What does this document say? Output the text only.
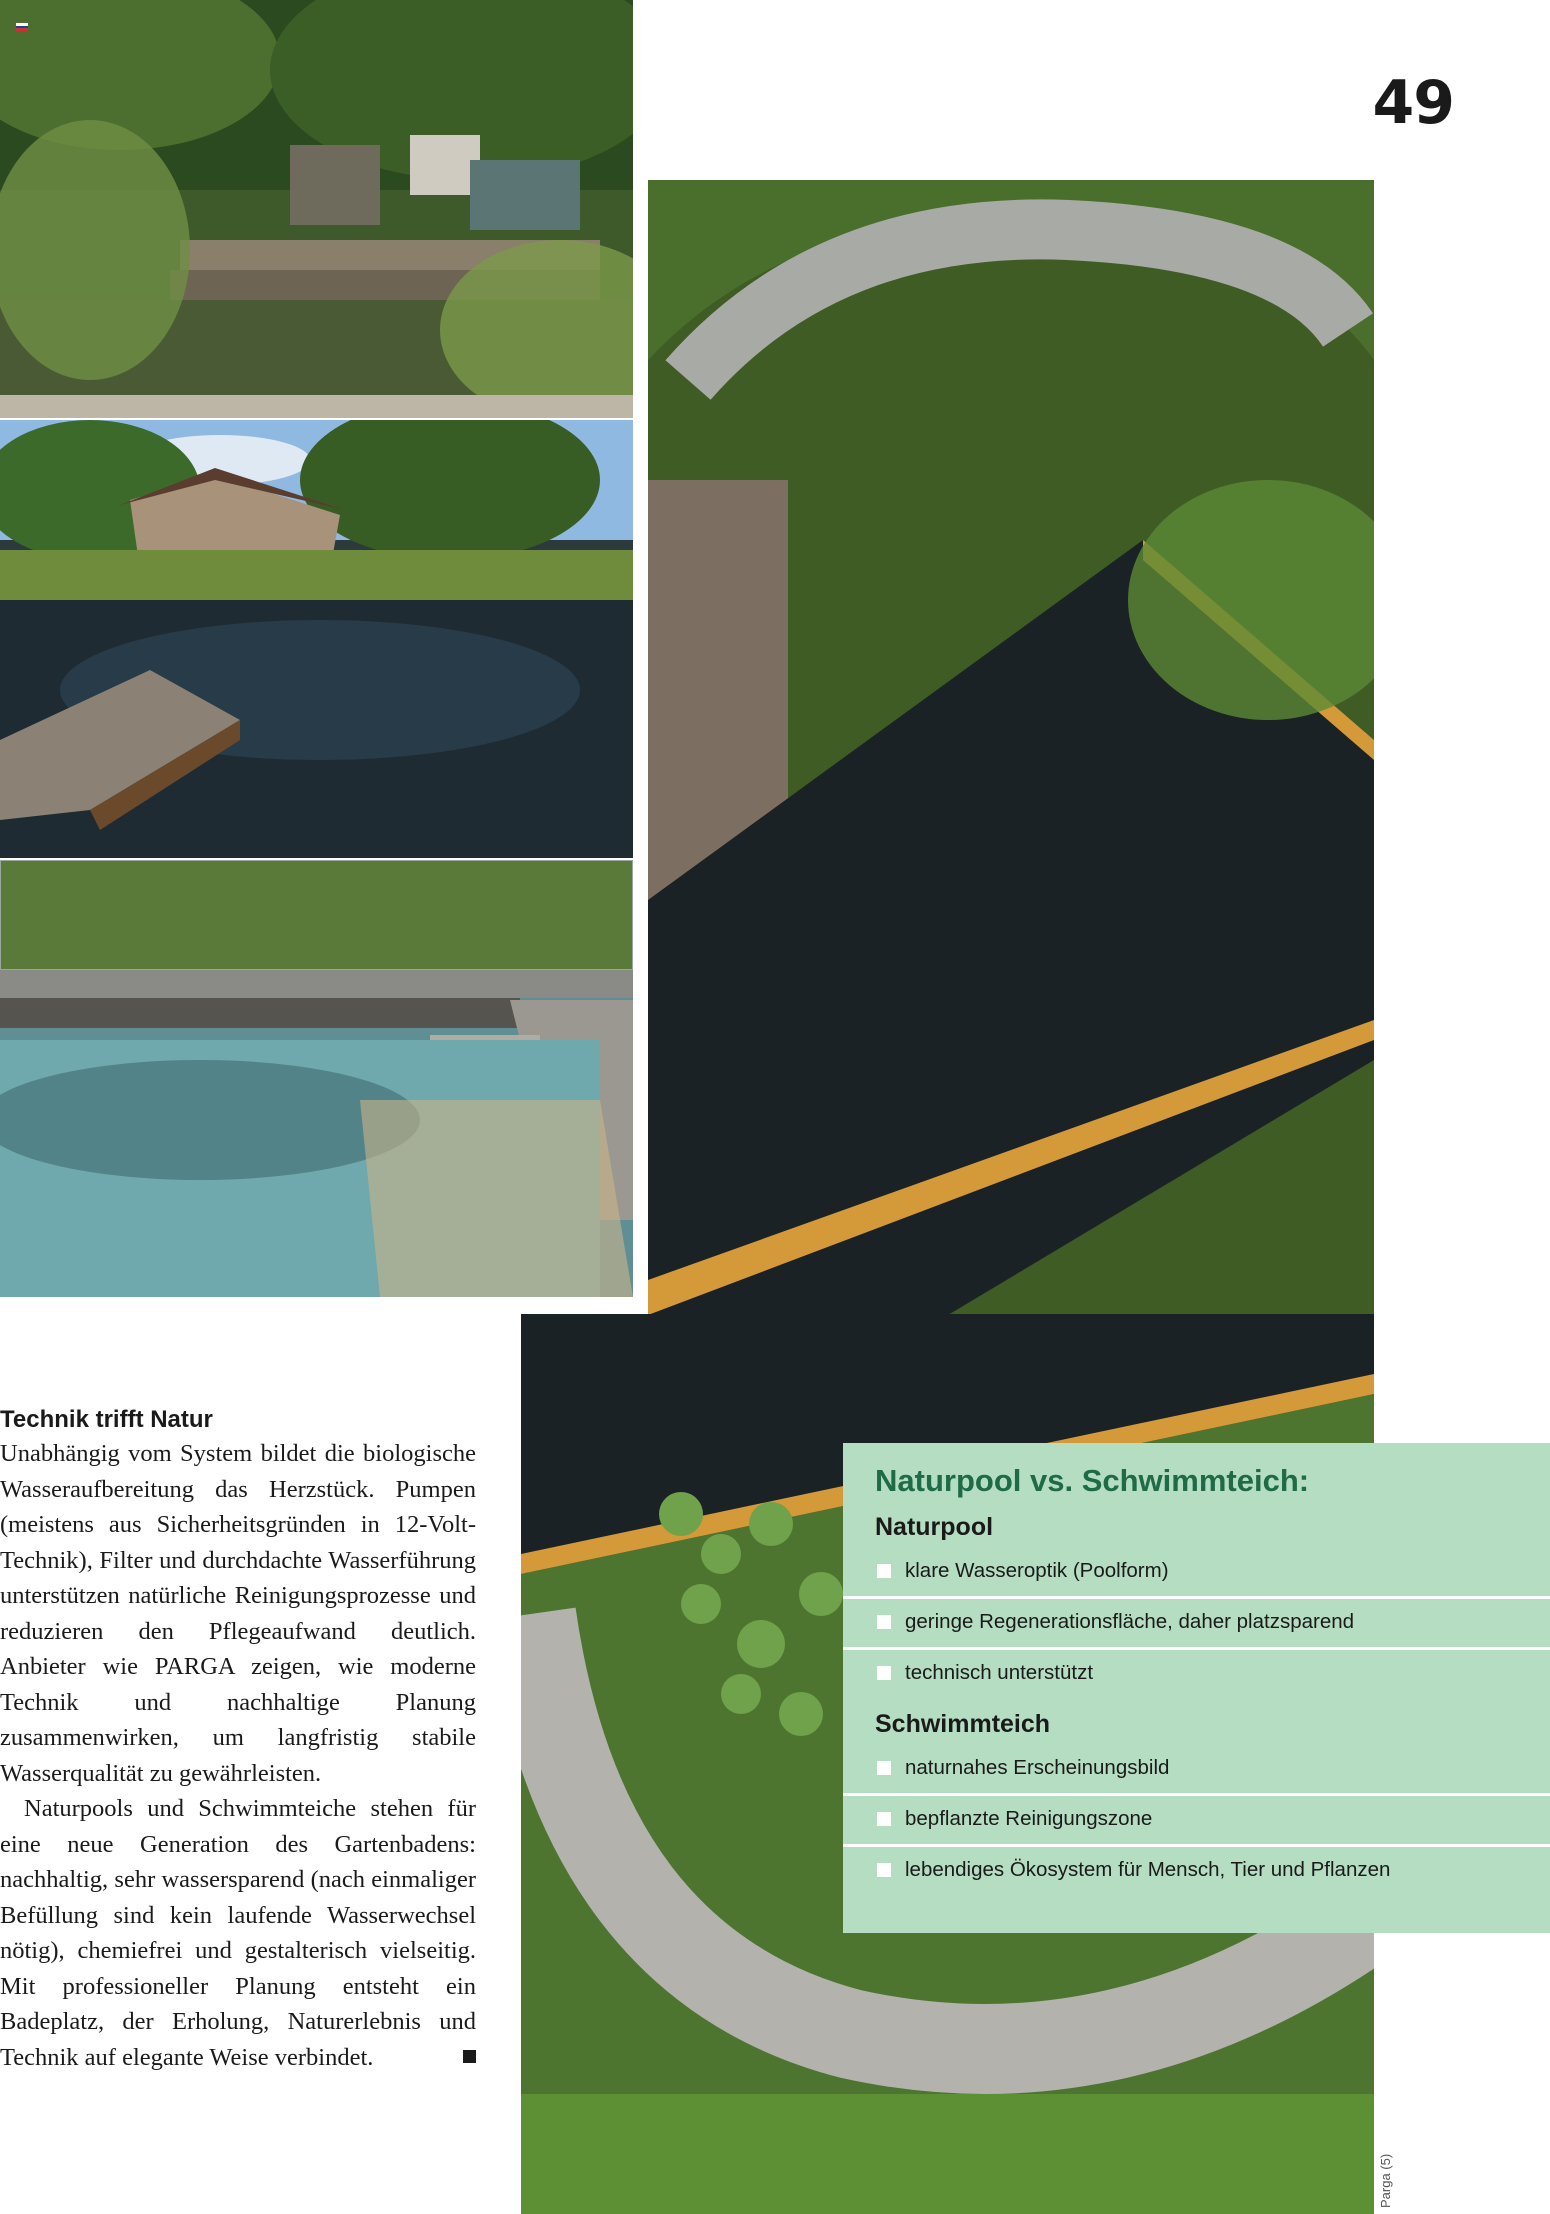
49
Technik trifft Natur

Unabhängig vom System bildet die biologische Wasseraufbereitung das Herzstück. Pumpen (meistens aus Sicherheitsgründen in 12-Volt-Technik), Filter und durchdachte Wasserführung unterstützen natürliche Reinigungsprozesse und reduzieren den Pflegeaufwand deutlich. Anbieter wie PARGA zeigen, wie moderne Technik und nachhaltige Planung zusammenwirken, um langfristig stabile Wasserqualität zu gewährleisten.

Naturpools und Schwimmteiche stehen für eine neue Generation des Gartenbadens: nachhaltig, sehr wassersparend (nach einmaliger Befüllung sind kein laufende Wasserwechsel nötig), chemiefrei und gestalterisch vielseitig. Mit professioneller Planung entsteht ein Badeplatz, der Erholung, Naturerlebnis und Technik auf elegante Weise verbindet.

Naturpool vs. Schwimmteich:
Naturpool
klare Wasseroptik (Poolform)
geringe Regenerationsfläche, daher platzsparend
technisch unterstützt
Schwimmteich
naturnahes Erscheinungsbild
bepflanzte Reinigungszone
lebendiges Ökosystem für Mensch, Tier und Pflanzen
Parga (5)
